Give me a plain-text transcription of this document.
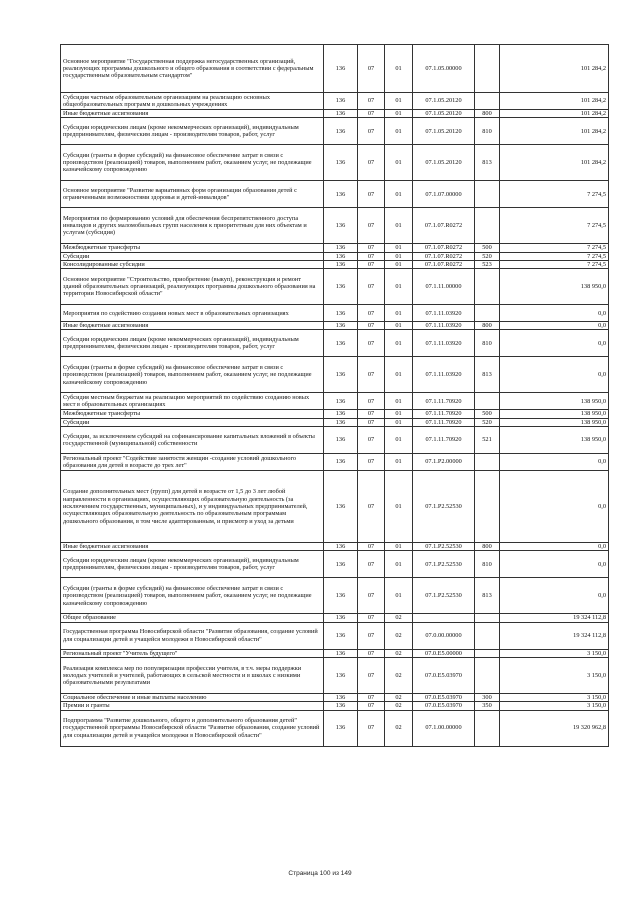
Основное мероприятие "Государственная поддержка негосударственных организаций, реализующих программы дошкольного и общего образования в соответствии с федеральным государственным образовательным стандартом"	136	07	01	07.1.05.00000		101 284,2
Субсидия частным образовательным организациям на реализацию основных общеобразовательных программ в дошкольных учреждениях	136	07	01	07.1.05.20120		101 284,2
Иные бюджетные ассигнования	136	07	01	07.1.05.20120	800	101 284,2
Субсидии юридическим лицам (кроме некоммерческих организаций), индивидуальным предпринимателям, физическим лицам - производителям товаров, работ, услуг	136	07	01	07.1.05.20120	810	101 284,2
Субсидии (гранты в форме субсидий) на финансовое обеспечение затрат в связи с производством (реализацией) товаров, выполнением работ, оказанием услуг, не подлежащие казначейскому сопровождению	136	07	01	07.1.05.20120	813	101 284,2
Основное мероприятие "Развитие вариативных форм организации образования детей с ограниченными возможностями здоровья и детей-инвалидов"	136	07	01	07.1.07.00000		7 274,5
Мероприятия по формированию условий для обеспечения беспрепятственного доступа инвалидов и других маломобильных групп населения к приоритетным для них объектам и услугам (субсидия)	136	07	01	07.1.07.R0272		7 274,5
Межбюджетные трансферты	136	07	01	07.1.07.R0272	500	7 274,5
Субсидии	136	07	01	07.1.07.R0272	520	7 274,5
Консолидированные субсидии	136	07	01	07.1.07.R0272	523	7 274,5
Основное мероприятие "Строительство, приобретение (выкуп), реконструкция и ремонт зданий образовательных организаций, реализующих программы дошкольного образования на территории Новосибирской области"	136	07	01	07.1.11.00000		138 950,0
Мероприятия по содействию создания новых мест в образовательных организациях	136	07	01	07.1.11.03920		0,0
Иные бюджетные ассигнования	136	07	01	07.1.11.03920	800	0,0
Субсидии юридическим лицам (кроме некоммерческих организаций), индивидуальным предпринимателям, физическим лицам - производителям товаров, работ, услуг	136	07	01	07.1.11.03920	810	0,0
Субсидии (гранты в форме субсидий) на финансовое обеспечение затрат в связи с производством (реализацией) товаров, выполнением работ, оказанием услуг, не подлежащие казначейскому сопровождению	136	07	01	07.1.11.03920	813	0,0
Субсидия местным бюджетам на реализацию мероприятий по содействию созданию новых мест в образовательных организациях	136	07	01	07.1.11.70920		138 950,0
Межбюджетные трансферты	136	07	01	07.1.11.70920	500	138 950,0
Субсидии	136	07	01	07.1.11.70920	520	138 950,0
Субсидии, за исключением субсидий на софинансирование капитальных вложений в объекты государственной (муниципальной) собственности	136	07	01	07.1.11.70920	521	138 950,0
Региональный проект "Содействие занятости женщин -создание условий дошкольного образования для детей в возрасте до трех лет"	136	07	01	07.1.P2.00000		0,0
Создание дополнительных мест (групп) для детей в возрасте от 1,5 до 3 лет любой направленности в организациях, осуществляющих образовательную деятельность (за исключением государственных, муниципальных), и у индивидуальных предпринимателей, осуществляющих образовательную деятельность по образовательным программам дошкольного образования, в том числе адаптированным, и присмотр и уход за детьми	136	07	01	07.1.P2.52530		0,0
Иные бюджетные ассигнования	136	07	01	07.1.P2.52530	800	0,0
Субсидии юридическим лицам (кроме некоммерческих организаций), индивидуальным предпринимателям, физическим лицам - производителям товаров, работ, услуг	136	07	01	07.1.P2.52530	810	0,0
Субсидии (гранты в форме субсидий) на финансовое обеспечение затрат в связи с производством (реализацией) товаров, выполнением работ, оказанием услуг, не подлежащие казначейскому сопровождению	136	07	01	07.1.P2.52530	813	0,0
Общее образование	136	07	02			19 324 112,8
Государственная программа Новосибирской области "Развитие образования, создание условий для социализации детей и учащейся молодежи в Новосибирской области"	136	07	02	07.0.00.00000		19 324 112,8
Региональный проект "Учитель будущего"	136	07	02	07.0.E5.00000		3 150,0
Реализация комплекса мер по популяризации профессии учителя, в т.ч. меры поддержки молодых учителей и учителей, работающих в сельской местности и в школах с низкими образовательными результатами	136	07	02	07.0.E5.03970		3 150,0
Социальное обеспечение и иные выплаты населению	136	07	02	07.0.E5.03970	300	3 150,0
Премии и гранты	136	07	02	07.0.E5.03970	350	3 150,0
Подпрограмма "Развитие дошкольного, общего и дополнительного образования детей" государственной программы Новосибирской области "Развитие образования, создание условий для социализации детей и учащейся молодежи в Новосибирской области"	136	07	02	07.1.00.00000		19 320 962,8
Страница 100 из 149
